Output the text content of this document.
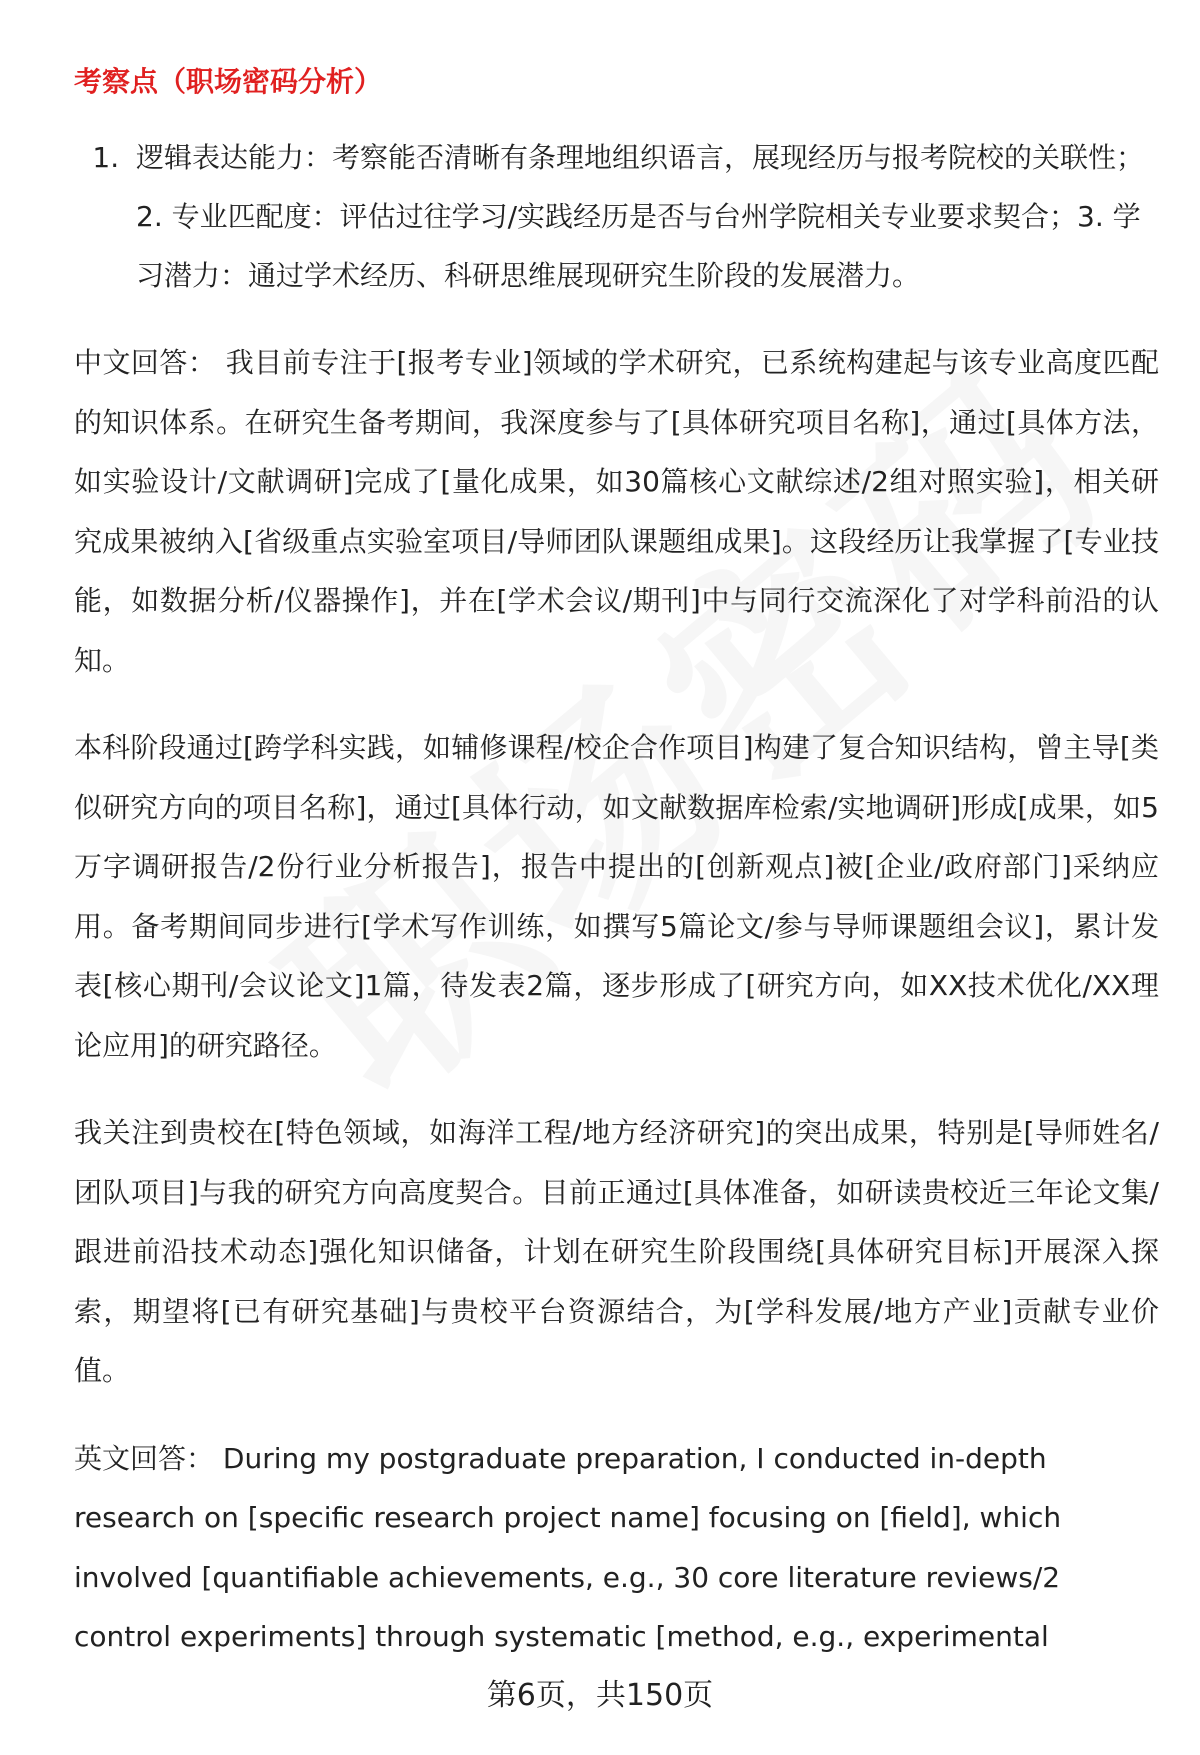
考察点（职场密码分析）
1. 逻辑表达能力：考察能否清晰有条理地组织语言，展现经历与报考院校的关联性；2. 专业匹配度：评估过往学习/实践经历是否与台州学院相关专业要求契合；3. 学习潜力：通过学术经历、科研思维展现研究生阶段的发展潜力。

中文回答： 我目前专注于[报考专业]领域的学术研究，已系统构建起与该专业高度匹配的知识体系。在研究生备考期间，我深度参与了[具体研究项目名称]，通过[具体方法，如实验设计/文献调研]完成了[量化成果，如30篇核心文献综述/2组对照实验]，相关研究成果被纳入[省级重点实验室项目/导师团队课题组成果]。这段经历让我掌握了[专业技能，如数据分析/仪器操作]，并在[学术会议/期刊]中与同行交流深化了对学科前沿的认知。

本科阶段通过[跨学科实践，如辅修课程/校企合作项目]构建了复合知识结构，曾主导[类似研究方向的项目名称]，通过[具体行动，如文献数据库检索/实地调研]形成[成果，如5万字调研报告/2份行业分析报告]，报告中提出的[创新观点]被[企业/政府部门]采纳应用。备考期间同步进行[学术写作训练，如撰写5篇论文/参与导师课题组会议]，累计发表[核心期刊/会议论文]1篇，待发表2篇，逐步形成了[研究方向，如XX技术优化/XX理论应用]的研究路径。

我关注到贵校在[特色领域，如海洋工程/地方经济研究]的突出成果，特别是[导师姓名/团队项目]与我的研究方向高度契合。目前正通过[具体准备，如研读贵校近三年论文集/跟进前沿技术动态]强化知识储备，计划在研究生阶段围绕[具体研究目标]开展深入探索，期望将[已有研究基础]与贵校平台资源结合，为[学科发展/地方产业]贡献专业价值。

英文回答： During my postgraduate preparation, I conducted in-depth research on [specific research project name] focusing on [field], which involved [quantifiable achievements, e.g., 30 core literature reviews/2 control experiments] through systematic [method, e.g., experimental

第6页，共150页
